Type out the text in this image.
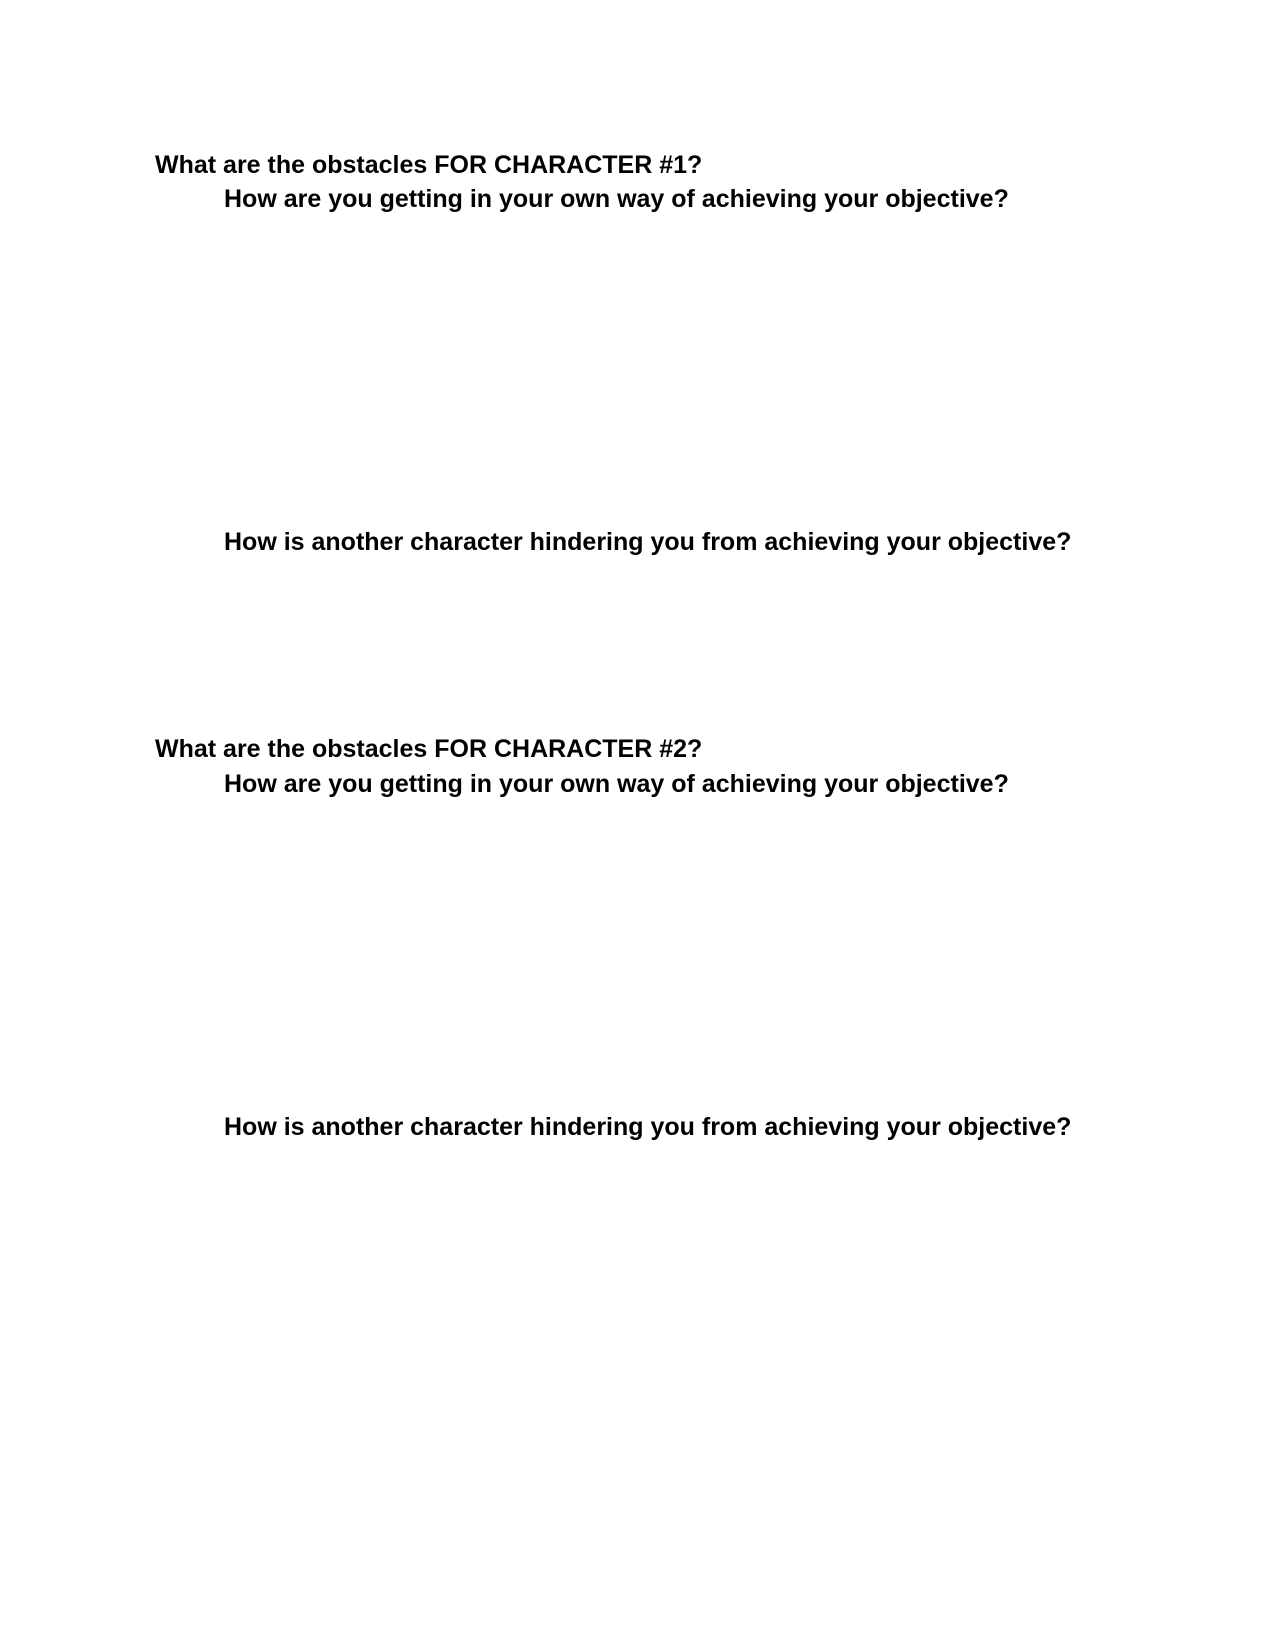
What are the obstacles FOR CHARACTER #1?

How are you getting in your own way of achieving your objective?

How is another character hindering you from achieving your objective?

What are the obstacles FOR CHARACTER #2?

How are you getting in your own way of achieving your objective?

How is another character hindering you from achieving your objective?
